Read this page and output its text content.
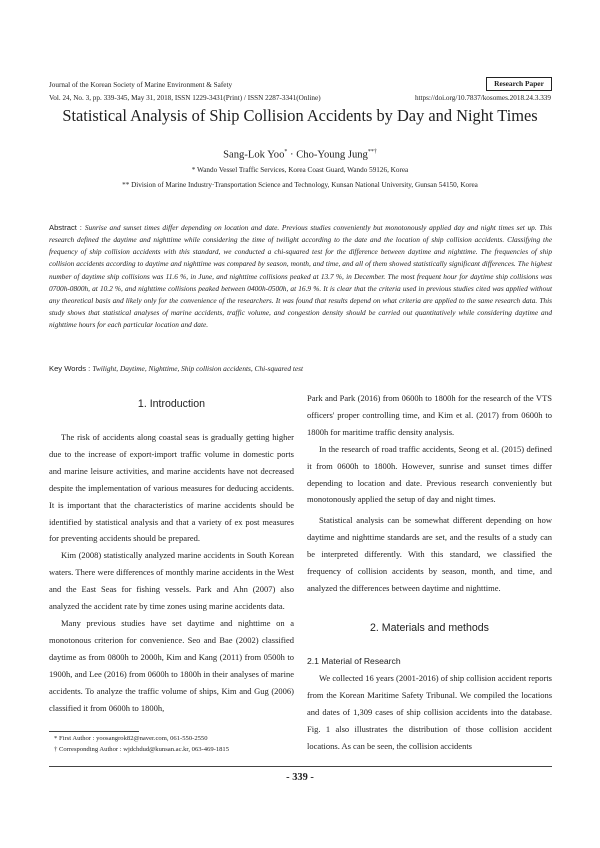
Journal of the Korean Society of Marine Environment & Safety
Vol. 24, No. 3, pp. 339-345, May 31, 2018, ISSN 1229-3431(Print) / ISSN 2287-3341(Online)	https://doi.org/10.7837/kosomes.2018.24.3.339
Research Paper
Statistical Analysis of Ship Collision Accidents by Day and Night Times
Sang-Lok Yoo* · Cho-Young Jung**†
* Wando Vessel Traffic Services, Korea Coast Guard, Wando 59126, Korea
** Division of Marine Industry‧Transportation Science and Technology, Kunsan National University, Gunsan 54150, Korea
Abstract : Sunrise and sunset times differ depending on location and date. Previous studies conveniently but monotonously applied day and night times set up. This research defined the daytime and nighttime while considering the time of twilight according to the date and the location of ship collision accidents. Classifying the frequency of ship collision accidents with this standard, we conducted a chi-squared test for the difference between daytime and nighttime. The frequencies of ship collision accidents according to daytime and nighttime was compared by season, month, and time, and all of them showed statistically significant differences. The highest number of daytime ship collisions was 11.6 %, in June, and nighttime collisions peaked at 13.7 %, in December. The most frequent hour for daytime ship collisions was 0700h-0800h, at 10.2 %, and nighttime collisions peaked between 0400h-0500h, at 16.9 %. It is clear that the criteria used in previous studies cited was applied without any theoretical basis and likely only for the convenience of the researchers. It was found that results depend on what criteria are applied to the same research data. This study shows that statistical analyses of marine accidents, traffic volume, and congestion density should be carried out quantitatively while considering daytime and nighttime hours for each particular location and date.
Key Words : Twilight, Daytime, Nighttime, Ship collision accidents, Chi-squared test
1. Introduction

The risk of accidents along coastal seas is gradually getting higher due to the increase of export-import traffic volume in domestic ports and marine leisure activities, and marine accidents have not decreased despite the implementation of various measures for deducing accidents. It is important that the characteristics of marine accidents should be identified by statistical analysis and that a variety of ex post measures for preventing accidents should be prepared.

Kim (2008) statistically analyzed marine accidents in South Korean waters. There were differences of monthly marine accidents in the West and the East Seas for fishing vessels. Park and Ahn (2007) also analyzed the accident rate by time zones using marine accidents data.

Many previous studies have set daytime and nighttime on a monotonous criterion for convenience. Seo and Bae (2002) classified daytime as from 0800h to 2000h, Kim and Kang (2011) from 0500h to 1900h, and Lee (2016) from 0600h to 1800h in their analyses of marine accidents. To analyze the traffic volume of ships, Kim and Gug (2006) classified it from 0600h to 1800h,

* First Author : yoosangrok82@naver.com, 061-550-2550
† Corresponding Author : wjdchdud@kunsan.ac.kr, 063-469-1815

Park and Park (2016) from 0600h to 1800h for the research of the VTS officers' proper controlling time, and Kim et al. (2017) from 0600h to 1800h for maritime traffic density analysis.

In the research of road traffic accidents, Seong et al. (2015) defined it from 0600h to 1800h. However, sunrise and sunset times differ depending to location and date. Previous research conveniently but monotonously applied the setup of day and night times.

Statistical analysis can be somewhat different depending on how daytime and nighttime standards are set, and the results of a study can be interpreted differently. With this standard, we classified the frequency of collision accidents by season, month, and time, and analyzed the differences between daytime and nighttime.

2. Materials and methods
2.1 Material of Research

We collected 16 years (2001-2016) of ship collision accident reports from the Korean Maritime Safety Tribunal. We compiled the locations and dates of 1,309 cases of ship collision accidents into the database. Fig. 1 also illustrates the distribution of those collision accident locations. As can be seen, the collision accidents

- 339 -
